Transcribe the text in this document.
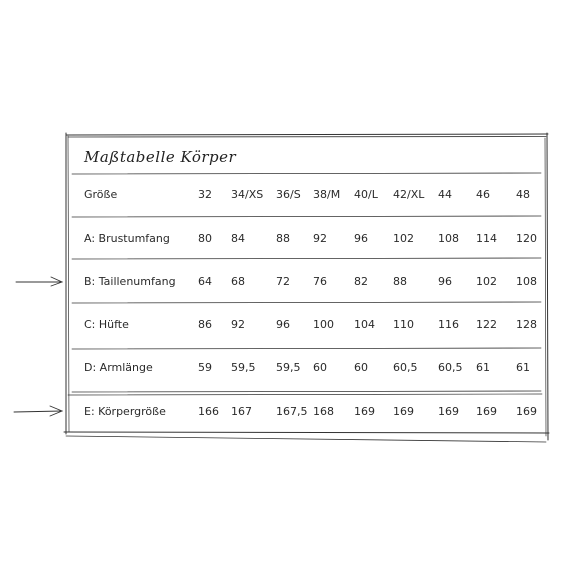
Maßtabelle Körper
Größe	32 34/XS 36/S 38/M 40/L 42/XL 44 46 48
A: Brustumfang	80 84	88 92 96 102 108 114 120
B: Taillenumfang 64 68	72 76 82 88	96 102 108
C: Hüfte	86 92	96 100 104 110 116 122 128
D: Armlänge	59 59,5 59,5 60 60 60,5 60,5 61 61
E: Körpergröße	166 167 167,5 168 169 169 169 169 169
